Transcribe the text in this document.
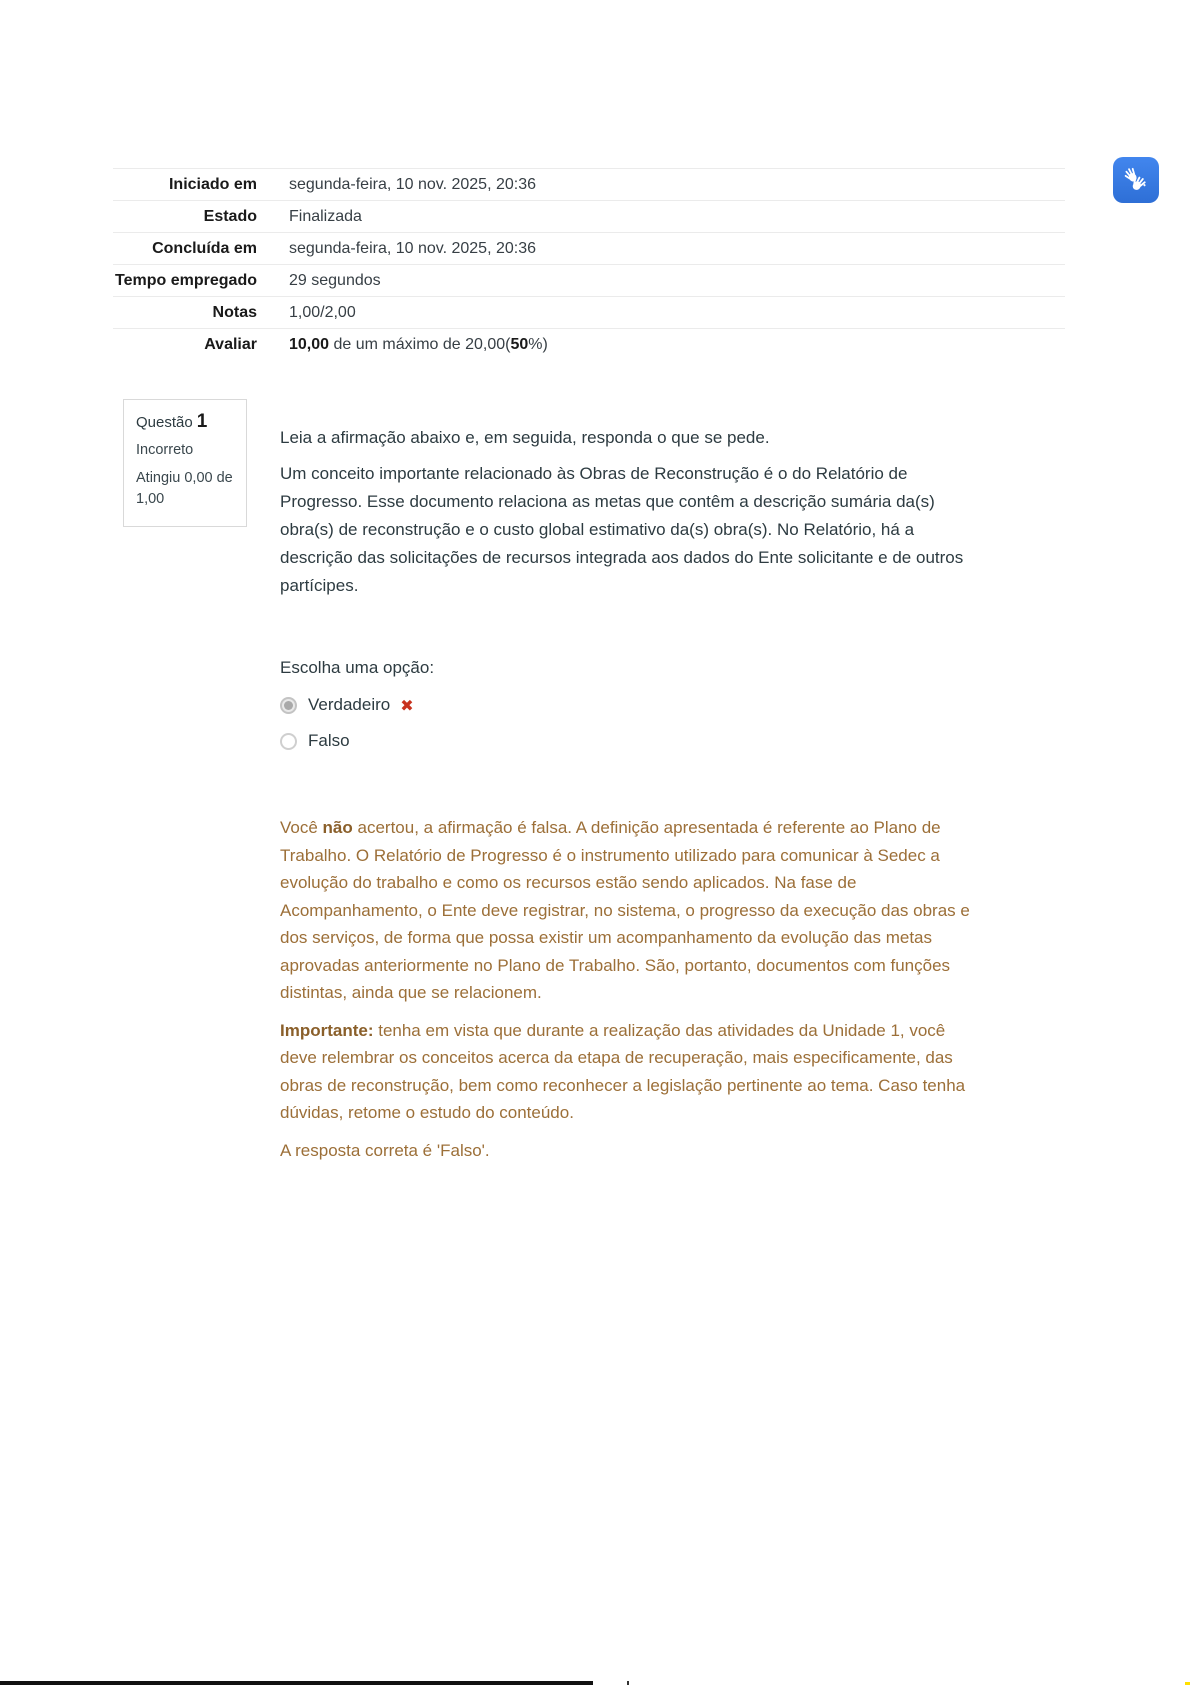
Iniciado em	segunda-feira, 10 nov. 2025, 20:36
Estado	Finalizada
Concluída em	segunda-feira, 10 nov. 2025, 20:36
Tempo empregado	29 segundos
Notas	1,00/2,00
Avaliar	10,00 de um máximo de 20,00(50%)
Questão 1
Incorreto
Atingiu 0,00 de 1,00
Leia a afirmação abaixo e, em seguida, responda o que se pede.
Um conceito importante relacionado às Obras de Reconstrução é o do Relatório de Progresso. Esse documento relaciona as metas que contêm a descrição sumária da(s) obra(s) de reconstrução e o custo global estimativo da(s) obra(s). No Relatório, há a descrição das solicitações de recursos integrada aos dados do Ente solicitante e de outros partícipes.
Escolha uma opção:
Verdadeiro ✖
Falso
Você não acertou, a afirmação é falsa. A definição apresentada é referente ao Plano de Trabalho. O Relatório de Progresso é o instrumento utilizado para comunicar à Sedec a evolução do trabalho e como os recursos estão sendo aplicados. Na fase de Acompanhamento, o Ente deve registrar, no sistema, o progresso da execução das obras e dos serviços, de forma que possa existir um acompanhamento da evolução das metas aprovadas anteriormente no Plano de Trabalho. São, portanto, documentos com funções distintas, ainda que se relacionem.
Importante: tenha em vista que durante a realização das atividades da Unidade 1, você deve relembrar os conceitos acerca da etapa de recuperação, mais especificamente, das obras de reconstrução, bem como reconhecer a legislação pertinente ao tema. Caso tenha dúvidas, retome o estudo do conteúdo.
A resposta correta é 'Falso'.
